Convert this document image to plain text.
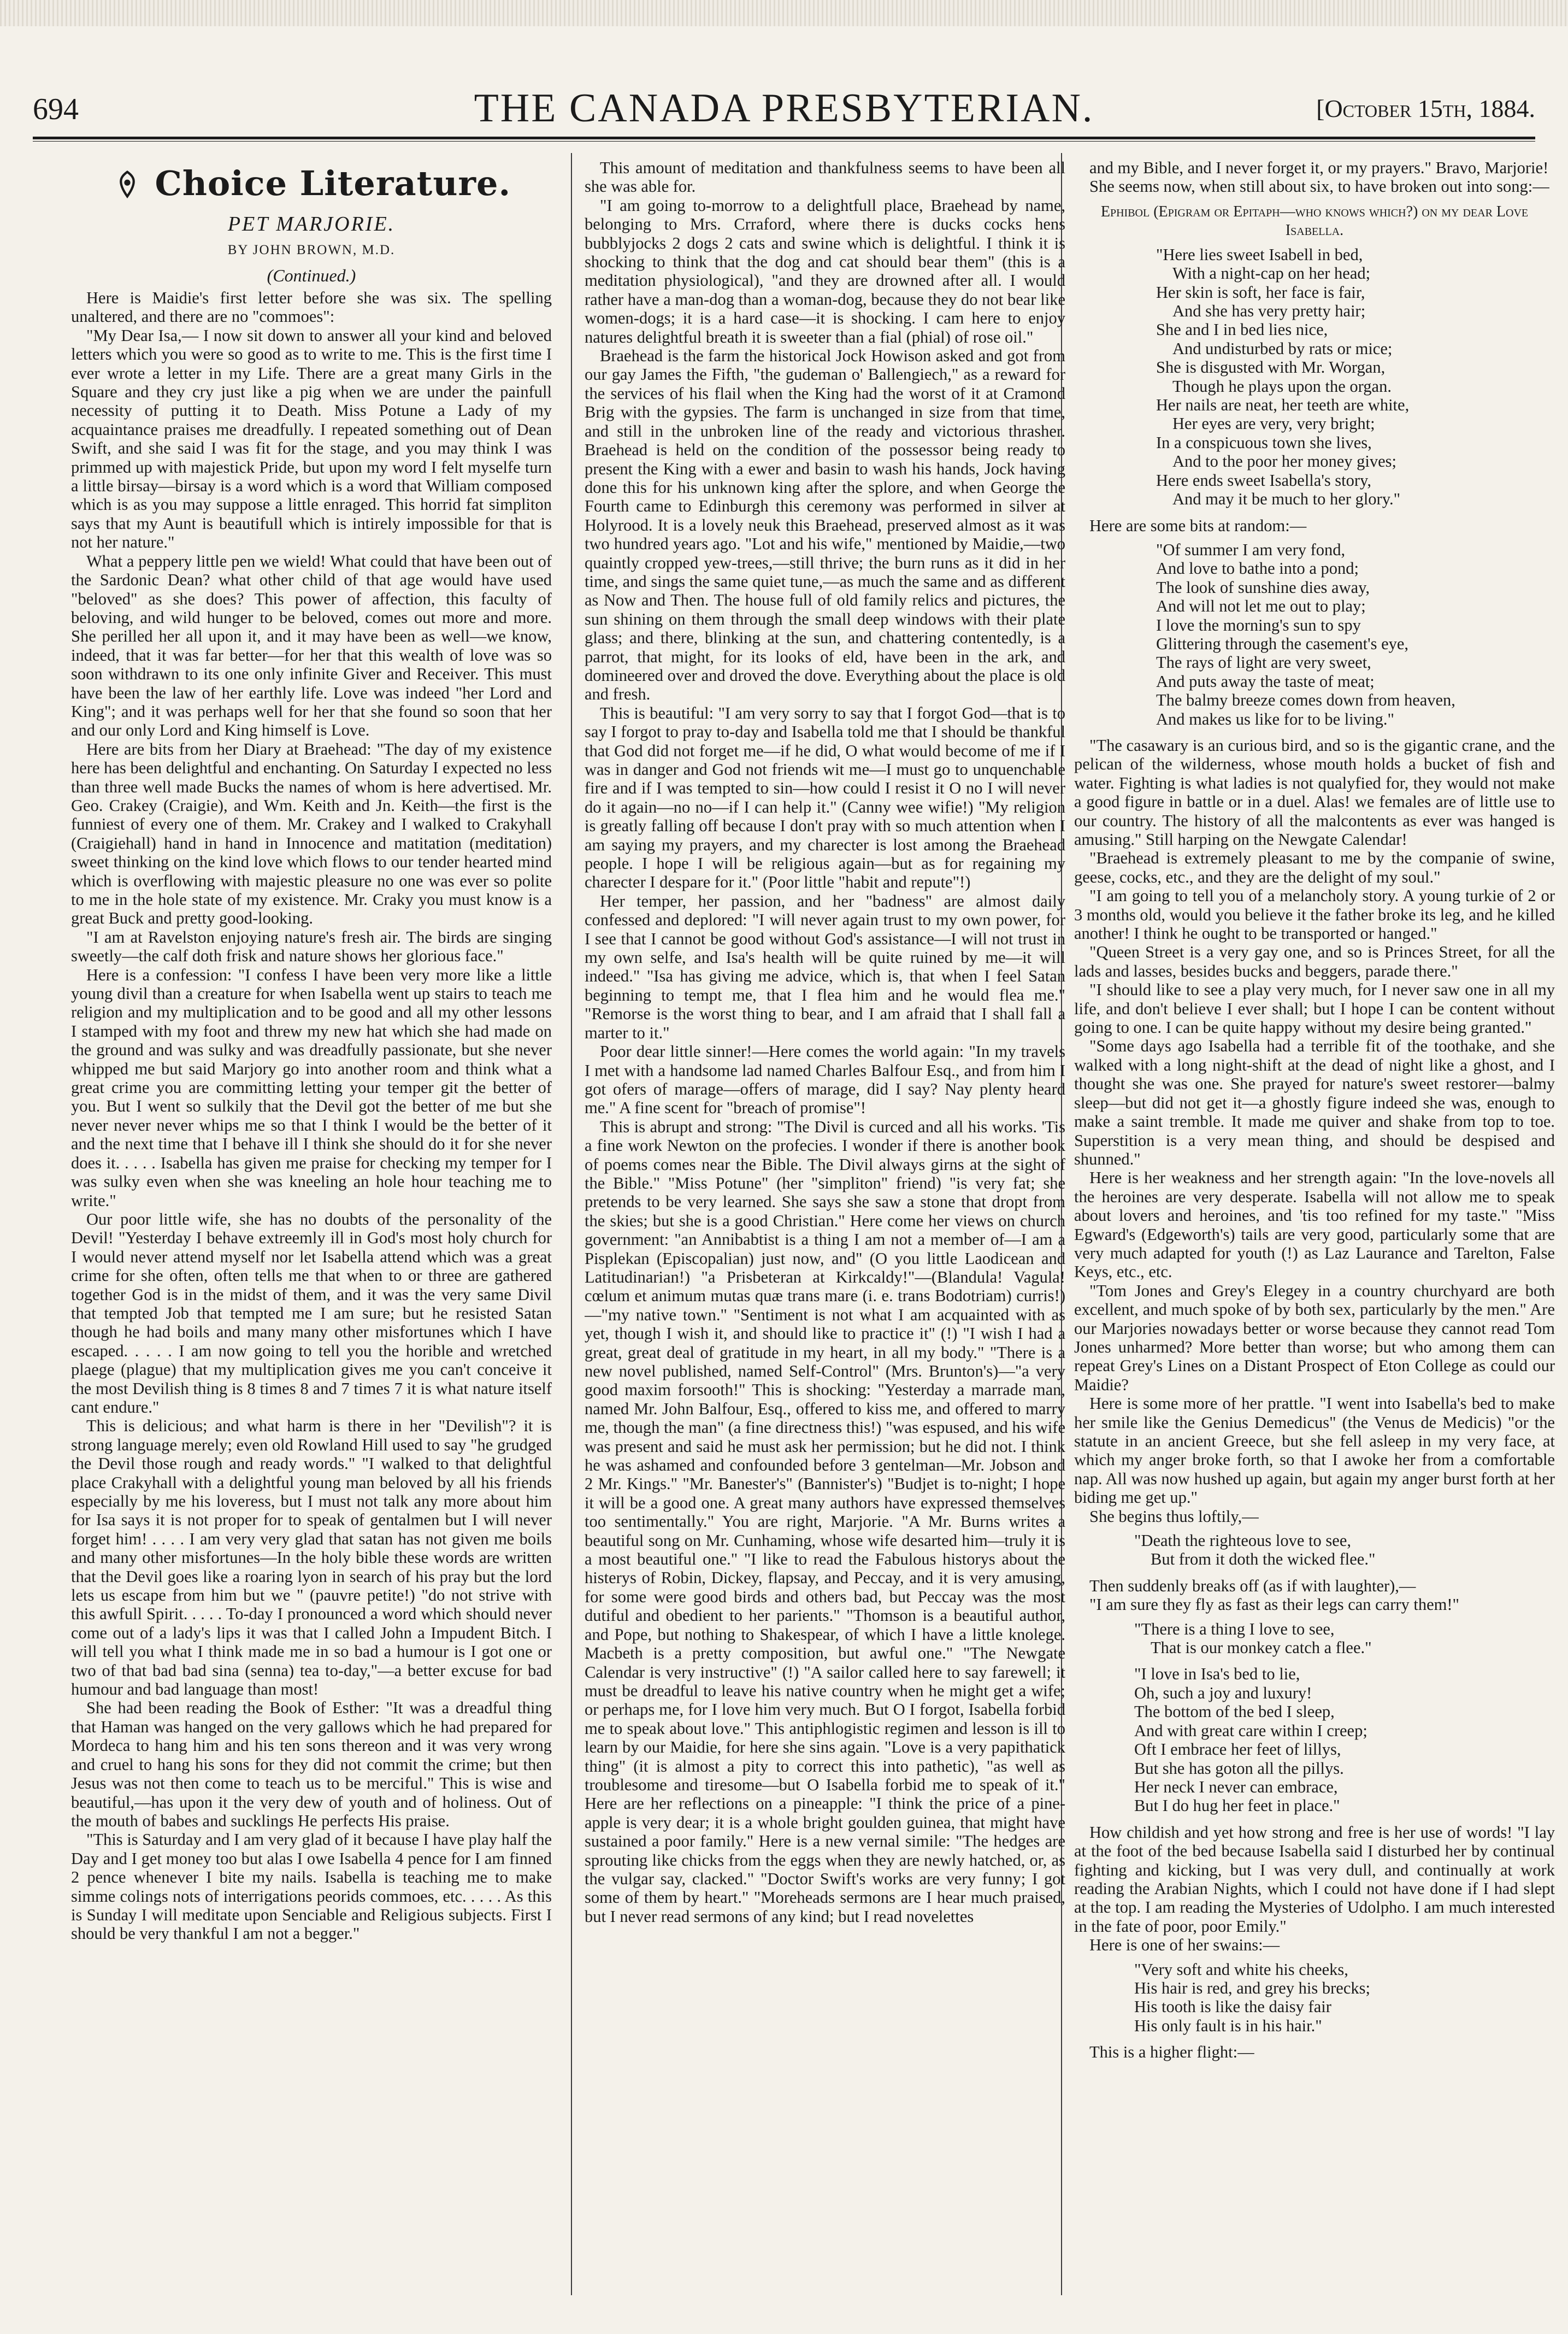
694	THE CANADA PRESBYTERIAN.	[October 15th, 1884.
Choice Literature.
PET MARJORIE.
BY JOHN BROWN, M.D.
(Continued.)

Here is Maidie's first letter before she was six. The spelling unaltered, and there are no "commoes":

"My Dear Isa,— I now sit down to answer all your kind and beloved letters which you were so good as to write to me. This is the first time I ever wrote a letter in my Life. There are a great many Girls in the Square and they cry just like a pig when we are under the painfull necessity of putting it to Death. Miss Potune a Lady of my acquaintance praises me dreadfully. I repeated something out of Dean Swift, and she said I was fit for the stage, and you may think I was primmed up with majestick Pride, but upon my word I felt myselfe turn a little birsay—birsay is a word which is a word that William composed which is as you may suppose a little enraged. This horrid fat simpliton says that my Aunt is beautifull which is intirely impossible for that is not her nature."

What a peppery little pen we wield! What could that have been out of the Sardonic Dean? what other child of that age would have used "beloved" as she does? This power of affection, this faculty of beloving, and wild hunger to be beloved, comes out more and more. She perilled her all upon it, and it may have been as well—we know, indeed, that it was far better—for her that this wealth of love was so soon withdrawn to its one only infinite Giver and Receiver. This must have been the law of her earthly life. Love was indeed "her Lord and King"; and it was perhaps well for her that she found so soon that her and our only Lord and King himself is Love.

Here are bits from her Diary at Braehead: "The day of my existence here has been delightful and enchanting. On Saturday I expected no less than three well made Bucks the names of whom is here advertised. Mr. Geo. Crakey (Craigie), and Wm. Keith and Jn. Keith—the first is the funniest of every one of them. Mr. Crakey and I walked to Crakyhall (Craigiehall) hand in hand in Innocence and matitation (meditation) sweet thinking on the kind love which flows to our tender hearted mind which is overflowing with majestic pleasure no one was ever so polite to me in the hole state of my existence. Mr. Craky you must know is a great Buck and pretty good-looking.

"I am at Ravelston enjoying nature's fresh air. The birds are singing sweetly—the calf doth frisk and nature shows her glorious face."

Here is a confession: "I confess I have been very more like a little young divil than a creature for when Isabella went up stairs to teach me religion and my multiplication and to be good and all my other lessons I stamped with my foot and threw my new hat which she had made on the ground and was sulky and was dreadfully passionate, but she never whipped me but said Marjory go into another room and think what a great crime you are committing letting your temper git the better of you. But I went so sulkily that the Devil got the better of me but she never never never whips me so that I think I would be the better of it and the next time that I behave ill I think she should do it for she never does it. . . . . Isabella has given me praise for checking my temper for I was sulky even when she was kneeling an hole hour teaching me to write."

Our poor little wife, she has no doubts of the personality of the Devil! "Yesterday I behave extreemly ill in God's most holy church for I would never attend myself nor let Isabella attend which was a great crime for she often, often tells me that when to or three are gathered together God is in the midst of them, and it was the very same Divil that tempted Job that tempted me I am sure; but he resisted Satan though he had boils and many many other misfortunes which I have escaped. . . . . I am now going to tell you the horible and wretched plaege (plague) that my multiplication gives me you can't conceive it the most Devilish thing is 8 times 8 and 7 times 7 it is what nature itself cant endure."

This is delicious; and what harm is there in her "Devilish"? it is strong language merely; even old Rowland Hill used to say "he grudged the Devil those rough and ready words." "I walked to that delightful place Crakyhall with a delightful young man beloved by all his friends especially by me his loveress, but I must not talk any more about him for Isa says it is not proper for to speak of gentalmen but I will never forget him! . . . . I am very very glad that satan has not given me boils and many other misfortunes—In the holy bible these words are written that the Devil goes like a roaring lyon in search of his pray but the lord lets us escape from him but we " (pauvre petite!) "do not strive with this awfull Spirit. . . . . To-day I pronounced a word which should never come out of a lady's lips it was that I called John a Impudent Bitch. I will tell you what I think made me in so bad a humour is I got one or two of that bad bad sina (senna) tea to-day,"—a better excuse for bad humour and bad language than most!

She had been reading the Book of Esther: "It was a dreadful thing that Haman was hanged on the very gallows which he had prepared for Mordeca to hang him and his ten sons thereon and it was very wrong and cruel to hang his sons for they did not commit the crime; but then Jesus was not then come to teach us to be merciful." This is wise and beautiful,—has upon it the very dew of youth and of holiness. Out of the mouth of babes and sucklings He perfects His praise.

"This is Saturday and I am very glad of it because I have play half the Day and I get money too but alas I owe Isabella 4 pence for I am finned 2 pence whenever I bite my nails. Isabella is teaching me to make simme colings nots of interrigations peorids commoes, etc. . . . . As this is Sunday I will meditate upon Senciable and Religious subjects. First I should be very thankful I am not a begger."

This amount of meditation and thankfulness seems to have been all she was able for.

"I am going to-morrow to a delightfull place, Braehead by name, belonging to Mrs. Crraford, where there is ducks cocks hens bubblyjocks 2 dogs 2 cats and swine which is delightful. I think it is shocking to think that the dog and cat should bear them" (this is a meditation physiological), "and they are drowned after all. I would rather have a man-dog than a woman-dog, because they do not bear like women-dogs; it is a hard case—it is shocking. I cam here to enjoy natures delightful breath it is sweeter than a fial (phial) of rose oil."

Braehead is the farm the historical Jock Howison asked and got from our gay James the Fifth, "the gudeman o' Ballengiech," as a reward for the services of his flail when the King had the worst of it at Cramond Brig with the gypsies. The farm is unchanged in size from that time, and still in the unbroken line of the ready and victorious thrasher. Braehead is held on the condition of the possessor being ready to present the King with a ewer and basin to wash his hands, Jock having done this for his unknown king after the splore, and when George the Fourth came to Edinburgh this ceremony was performed in silver at Holyrood. It is a lovely neuk this Braehead, preserved almost as it was two hundred years ago. "Lot and his wife," mentioned by Maidie,—two quaintly cropped yew-trees,—still thrive; the burn runs as it did in her time, and sings the same quiet tune,—as much the same and as different as Now and Then. The house full of old family relics and pictures, the sun shining on them through the small deep windows with their plate glass; and there, blinking at the sun, and chattering contentedly, is a parrot, that might, for its looks of eld, have been in the ark, and domineered over and droved the dove. Everything about the place is old and fresh.

This is beautiful: "I am very sorry to say that I forgot God—that is to say I forgot to pray to-day and Isabella told me that I should be thankful that God did not forget me—if he did, O what would become of me if I was in danger and God not friends wit me—I must go to unquenchable fire and if I was tempted to sin—how could I resist it O no I will never do it again—no no—if I can help it." (Canny wee wifie!) "My religion is greatly falling off because I don't pray with so much attention when I am saying my prayers, and my charecter is lost among the Braehead people. I hope I will be religious again—but as for regaining my charecter I despare for it." (Poor little "habit and repute"!)

Her temper, her passion, and her "badness" are almost daily confessed and deplored: "I will never again trust to my own power, for I see that I cannot be good without God's assistance—I will not trust in my own selfe, and Isa's health will be quite ruined by me—it will indeed." "Isa has giving me advice, which is, that when I feel Satan beginning to tempt me, that I flea him and he would flea me." "Remorse is the worst thing to bear, and I am afraid that I shall fall a marter to it."

Poor dear little sinner!—Here comes the world again: "In my travels I met with a handsome lad named Charles Balfour Esq., and from him I got ofers of marage—offers of marage, did I say? Nay plenty heard me." A fine scent for "breach of promise"!

This is abrupt and strong: "The Divil is curced and all his works. 'Tis a fine work Newton on the profecies. I wonder if there is another book of poems comes near the Bible. The Divil always girns at the sight of the Bible." "Miss Potune" (her "simpliton" friend) "is very fat; she pretends to be very learned. She says she saw a stone that dropt from the skies; but she is a good Christian." Here come her views on church government: "an Annibabtist is a thing I am not a member of—I am a Pisplekan (Episcopalian) just now, and" (O you little Laodicean and Latitudinarian!) "a Prisbeteran at Kirkcaldy!"—(Blandula! Vagula! cœlum et animum mutas quæ trans mare (i. e. trans Bodotriam) curris!)—"my native town." "Sentiment is not what I am acquainted with as yet, though I wish it, and should like to practice it" (!) "I wish I had a great, great deal of gratitude in my heart, in all my body." "There is a new novel published, named Self-Control" (Mrs. Brunton's)—"a very good maxim forsooth!" This is shocking: "Yesterday a marrade man, named Mr. John Balfour, Esq., offered to kiss me, and offered to marry me, though the man" (a fine directness this!) "was espused, and his wife was present and said he must ask her permission; but he did not. I think he was ashamed and confounded before 3 gentelman—Mr. Jobson and 2 Mr. Kings." "Mr. Banester's" (Bannister's) "Budjet is to-night; I hope it will be a good one. A great many authors have expressed themselves too sentimentally." You are right, Marjorie. "A Mr. Burns writes a beautiful song on Mr. Cunhaming, whose wife desarted him—truly it is a most beautiful one." "I like to read the Fabulous historys about the histerys of Robin, Dickey, flapsay, and Peccay, and it is very amusing, for some were good birds and others bad, but Peccay was the most dutiful and obedient to her parients." "Thomson is a beautiful author, and Pope, but nothing to Shakespear, of which I have a little knolege. Macbeth is a pretty composition, but awful one." "The Newgate Calendar is very instructive" (!) "A sailor called here to say farewell; it must be dreadful to leave his native country when he might get a wife; or perhaps me, for I love him very much. But O I forgot, Isabella forbid me to speak about love." This antiphlogistic regimen and lesson is ill to learn by our Maidie, for here she sins again. "Love is a very papithatick thing" (it is almost a pity to correct this into pathetic), "as well as troublesome and tiresome—but O Isabella forbid me to speak of it." Here are her reflections on a pineapple: "I think the price of a pine-apple is very dear; it is a whole bright goulden guinea, that might have sustained a poor family." Here is a new vernal simile: "The hedges are sprouting like chicks from the eggs when they are newly hatched, or, as the vulgar say, clacked." "Doctor Swift's works are very funny; I got some of them by heart." "Moreheads sermons are I hear much praised, but I never read sermons of any kind; but I read novelettes

and my Bible, and I never forget it, or my prayers." Bravo, Marjorie!

She seems now, when still about six, to have broken out into song:—

Ephibol (Epigram or Epitaph—who knows which?) on my dear Love Isabella.
"Here lies sweet Isabell in bed,
With a night-cap on her head;
Her skin is soft, her face is fair,
And she has very pretty hair;
She and I in bed lies nice,
And undisturbed by rats or mice;
She is disgusted with Mr. Worgan,
Though he plays upon the organ.
Her nails are neat, her teeth are white,
Her eyes are very, very bright;
In a conspicuous town she lives,
And to the poor her money gives;
Here ends sweet Isabella's story,
And may it be much to her glory."

Here are some bits at random:—

"Of summer I am very fond,
And love to bathe into a pond;
The look of sunshine dies away,
And will not let me out to play;
I love the morning's sun to spy
Glittering through the casement's eye,
The rays of light are very sweet,
And puts away the taste of meat;
The balmy breeze comes down from heaven,
And makes us like for to be living."

"The casawary is an curious bird, and so is the gigantic crane, and the pelican of the wilderness, whose mouth holds a bucket of fish and water. Fighting is what ladies is not qualyfied for, they would not make a good figure in battle or in a duel. Alas! we females are of little use to our country. The history of all the malcontents as ever was hanged is amusing." Still harping on the Newgate Calendar!

"Braehead is extremely pleasant to me by the companie of swine, geese, cocks, etc., and they are the delight of my soul."

"I am going to tell you of a melancholy story. A young turkie of 2 or 3 months old, would you believe it the father broke its leg, and he killed another! I think he ought to be transported or hanged."

"Queen Street is a very gay one, and so is Princes Street, for all the lads and lasses, besides bucks and beggers, parade there."

"I should like to see a play very much, for I never saw one in all my life, and don't believe I ever shall; but I hope I can be content without going to one. I can be quite happy without my desire being granted."

"Some days ago Isabella had a terrible fit of the toothake, and she walked with a long night-shift at the dead of night like a ghost, and I thought she was one. She prayed for nature's sweet restorer—balmy sleep—but did not get it—a ghostly figure indeed she was, enough to make a saint tremble. It made me quiver and shake from top to toe. Superstition is a very mean thing, and should be despised and shunned."

Here is her weakness and her strength again: "In the love-novels all the heroines are very desperate. Isabella will not allow me to speak about lovers and heroines, and 'tis too refined for my taste." "Miss Egward's (Edgeworth's) tails are very good, particularly some that are very much adapted for youth (!) as Laz Laurance and Tarelton, False Keys, etc., etc.

"Tom Jones and Grey's Elegey in a country churchyard are both excellent, and much spoke of by both sex, particularly by the men." Are our Marjories nowadays better or worse because they cannot read Tom Jones unharmed? More better than worse; but who among them can repeat Grey's Lines on a Distant Prospect of Eton College as could our Maidie?

Here is some more of her prattle. "I went into Isabella's bed to make her smile like the Genius Demedicus" (the Venus de Medicis) "or the statute in an ancient Greece, but she fell asleep in my very face, at which my anger broke forth, so that I awoke her from a comfortable nap. All was now hushed up again, but again my anger burst forth at her biding me get up."

She begins thus loftily,—

"Death the righteous love to see,
But from it doth the wicked flee."

Then suddenly breaks off (as if with laughter),—

"I am sure they fly as fast as their legs can carry them!"

"There is a thing I love to see,
That is our monkey catch a flee."
"I love in Isa's bed to lie,
Oh, such a joy and luxury!
The bottom of the bed I sleep,
And with great care within I creep;
Oft I embrace her feet of lillys,
But she has goton all the pillys.
Her neck I never can embrace,
But I do hug her feet in place."

How childish and yet how strong and free is her use of words! "I lay at the foot of the bed because Isabella said I disturbed her by continual fighting and kicking, but I was very dull, and continually at work reading the Arabian Nights, which I could not have done if I had slept at the top. I am reading the Mysteries of Udolpho. I am much interested in the fate of poor, poor Emily."

Here is one of her swains:—

"Very soft and white his cheeks,
His hair is red, and grey his brecks;
His tooth is like the daisy fair
His only fault is in his hair."

This is a higher flight:—
